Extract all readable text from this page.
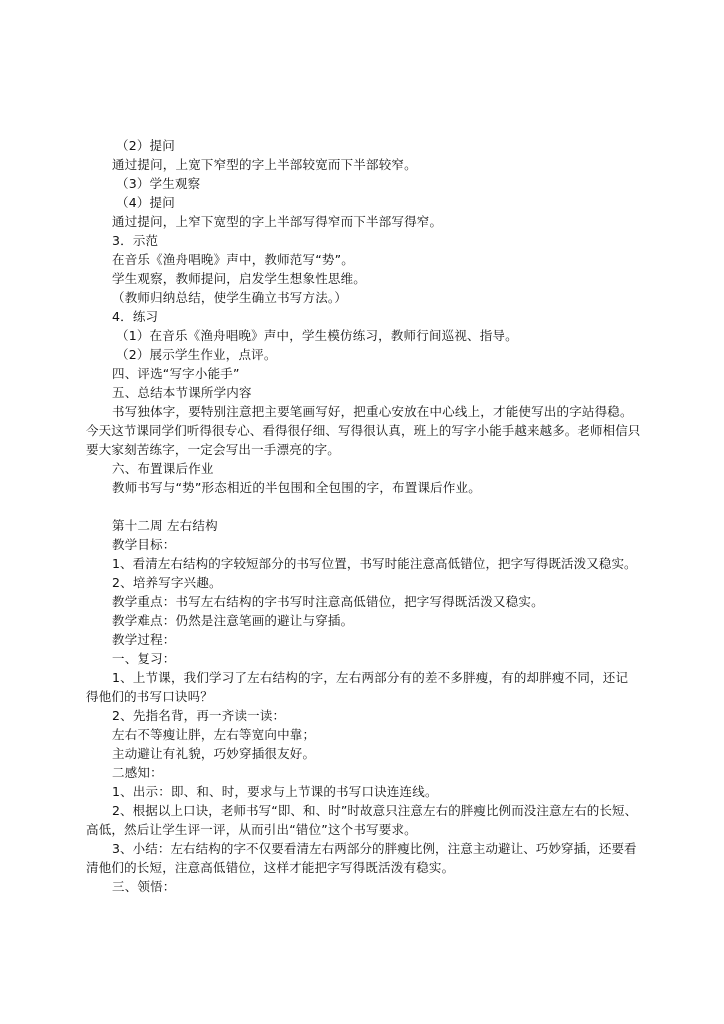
（2）提问
通过提问，上宽下窄型的字上半部较宽而下半部较窄。
（3）学生观察
（4）提问
通过提问，上窄下宽型的字上半部写得窄而下半部写得窄。
3．示范
在音乐《渔舟唱晚》声中，教师范写“势”。
学生观察，教师提问，启发学生想象性思维。
（教师归纳总结，使学生确立书写方法。）
4．练习
（1）在音乐《渔舟唱晚》声中，学生模仿练习，教师行间巡视、指导。
（2）展示学生作业，点评。
四、评选“写字小能手”
五、总结本节课所学内容
书写独体字，要特别注意把主要笔画写好，把重心安放在中心线上，才能使写出的字站得稳。
今天这节课同学们听得很专心、看得很仔细、写得很认真，班上的写字小能手越来越多。老师相信只
要大家刻苦练字，一定会写出一手漂亮的字。
六、布置课后作业
教师书写与“势”形态相近的半包围和全包围的字，布置课后作业。
第十二周 左右结构
教学目标：
1、看清左右结构的字较短部分的书写位置，书写时能注意高低错位，把字写得既活泼又稳实。
2、培养写字兴趣。
教学重点：书写左右结构的字书写时注意高低错位，把字写得既活泼又稳实。
教学难点：仍然是注意笔画的避让与穿插。
教学过程：
一、复习：
1、上节课，我们学习了左右结构的字，左右两部分有的差不多胖瘦，有的却胖瘦不同，还记
得他们的书写口诀吗？
2、先指名背，再一齐读一读：
左右不等瘦让胖，左右等宽向中靠；
主动避让有礼貌，巧妙穿插很友好。
二感知：
1、出示：即、和、时，要求与上节课的书写口诀连连线。
2、根据以上口诀，老师书写“即、和、时”时故意只注意左右的胖瘦比例而没注意左右的长短、
高低，然后让学生评一评，从而引出“错位”这个书写要求。
3、小结：左右结构的字不仅要看清左右两部分的胖瘦比例，注意主动避让、巧妙穿插，还要看
清他们的长短，注意高低错位，这样才能把字写得既活泼有稳实。
三、领悟：
